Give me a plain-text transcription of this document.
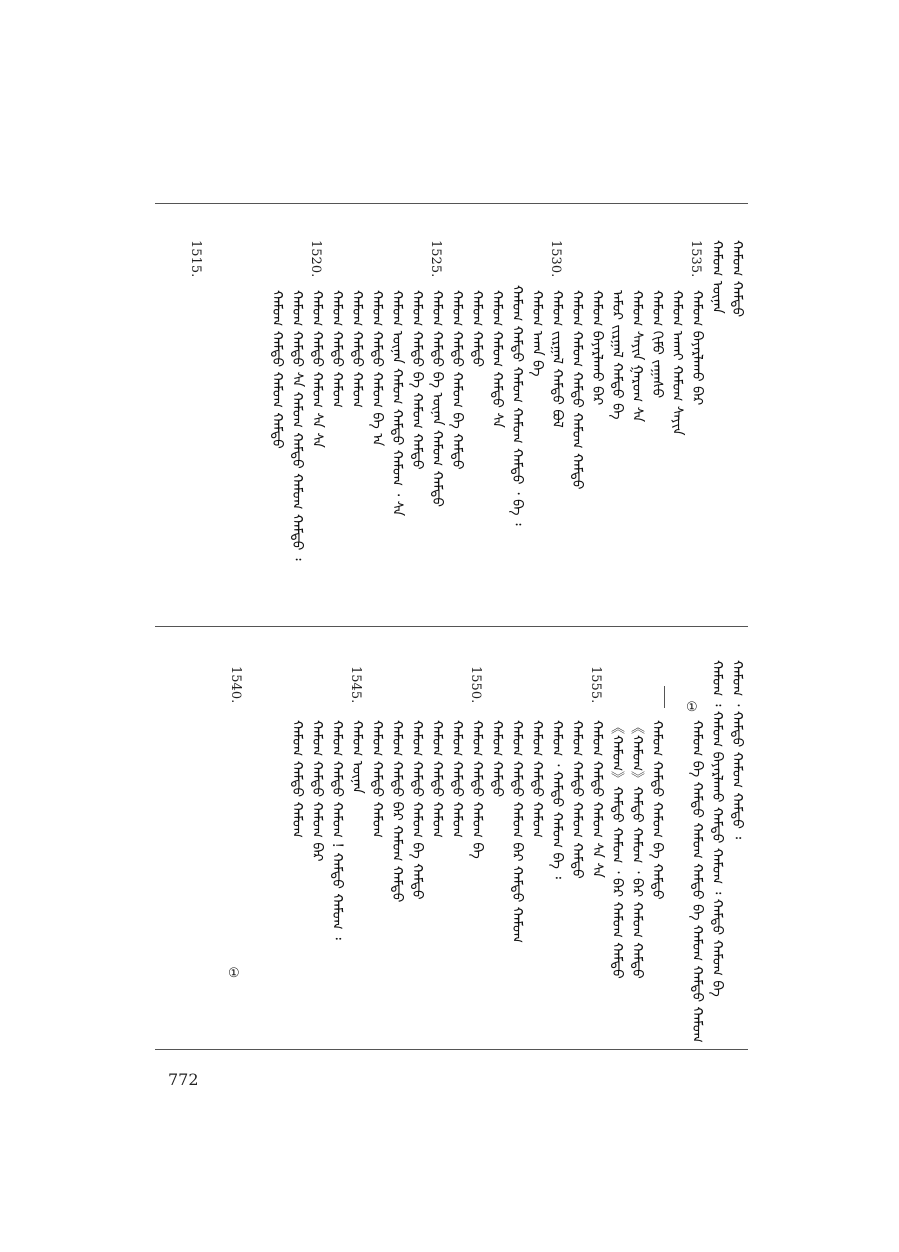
ᠬᠠᠮᠤᠭ ᠬᠠᠮᠲᠤ
ᠬᠠᠮᠤᠭ ᠦᠨᠡᠨ
ᠬᠠᠮᠤᠭ ᠪᠠᠶᠠᠷᠯᠠᠬᠤ ᠪᠡᠷ
ᠬᠠᠮᠤᠭ ᠠᠬᠠᠶ ᠬᠠᠮᠤᠭ ᠰᠠᠶᠢᠨ
ᠬᠠᠮᠤᠭ ᠬᠢᠮᠤ ᠵᠠᠭᠠᠰᠤ
ᠬᠠᠮᠤᠭ ᠰᠠᠶᠢᠨ ᠭᠠᠷᠤᠭ ᠰᠠ
ᠠᠮᠤᠷ ᠵᠢᠷᠭᠠᠯ ᠬᠠᠮᠲᠤ ᠪᠡ
ᠬᠠᠮᠤᠭ ᠪᠠᠶᠠᠷᠯᠠᠬᠤ ᠪᠡᠷ
ᠬᠠᠮᠤᠭ ᠬᠠᠮᠤᠭ ᠬᠠᠮᠲᠤ ᠬᠠᠮᠤᠭ ᠬᠠᠮᠲᠤ
ᠬᠠᠮᠤᠭ ᠵᠢᠷᠭᠠᠯ ᠬᠠᠮᠲᠤ ᠪᠤᠯ
ᠬᠠᠮᠤᠭ ᠠᠬᠠ ᠪᠠ
ᠬᠠᠮᠤᠭ ᠬᠠᠮᠲᠤ ᠬᠠᠮᠤᠭ ᠬᠠᠮᠤᠭ ᠬᠠᠮᠲᠤ ᠂ ᠪᠡ ᠄
ᠬᠠᠮᠤᠭ ᠬᠠᠮᠤᠭ ᠬᠠᠮᠲᠤ ᠰᠠ
ᠬᠠᠮᠤᠭ ᠬᠠᠮᠲᠤ
ᠬᠠᠮᠤᠭ ᠬᠠᠮᠲᠤ ᠬᠠᠮᠤᠭ ᠪᠠ ᠬᠠᠮᠲᠤ
ᠬᠠᠮᠤᠭ ᠬᠠᠮᠲᠤ ᠪᠠ ᠦᠨᠡᠨ ᠬᠠᠮᠤᠭ ᠬᠠᠮᠲᠤ
ᠬᠠᠮᠤᠭ ᠬᠠᠮᠲᠤ ᠪᠠ ᠬᠠᠮᠤᠭ ᠬᠠᠮᠲᠤ
ᠬᠠᠮᠤᠭ ᠦᠨᠡᠨ ᠬᠠᠮᠤᠭ ᠬᠠᠮᠲᠤ ᠬᠠᠮᠤᠭ ᠂ ᠰᠠ
ᠬᠠᠮᠤᠭ ᠬᠠᠮᠲᠤ ᠬᠠᠮᠤᠭ ᠪᠠ ᠠ
ᠬᠠᠮᠤᠭ ᠬᠠᠮᠲᠤ ᠬᠠᠮᠤᠭ
ᠬᠠᠮᠤᠭ ᠬᠠᠮᠲᠤ ᠬᠠᠮᠤᠭ
ᠬᠠᠮᠤᠭ ᠬᠠᠮᠲᠤ ᠬᠠᠮᠤᠭ ᠰᠠ ᠰᠠ
ᠬᠠᠮᠤᠭ ᠬᠠᠮᠲᠤ ᠰᠠ ᠬᠠᠮᠤᠭ ᠬᠠᠮᠲᠤ ᠬᠠᠮᠤᠭ ᠬᠠᠮᠲᠤ ᠄
ᠬᠠᠮᠤᠭ ᠬᠠᠮᠲᠤ ᠬᠠᠮᠤᠭ ᠬᠠᠮᠲᠤ
1535.
1530.
1525.
1520.
1515.
ᠬᠠᠮᠤᠭ ᠂ ᠬᠠᠮᠲᠤ ᠬᠠᠮᠤᠭ ᠬᠠᠮᠲᠤ ᠄
ᠬᠠᠮᠤᠭ ᠄ ᠬᠠᠮᠤᠭ ᠪᠠᠶᠠᠷᠯᠠᠬᠤ ᠬᠠᠮᠲᠤ ᠬᠠᠮᠤᠭ ᠄ ᠬᠠᠮᠲᠤ ᠬᠠᠮᠤᠭ ᠪᠡ
ᠬᠠᠮᠤᠭ ᠪᠠ ᠬᠠᠮᠲᠤ ᠬᠠᠮᠤᠭ ᠬᠠᠮᠲᠤ ᠪᠠ ᠬᠠᠮᠤᠭ ᠬᠠᠮᠲᠤ ᠬᠠᠮᠤᠭ
①
ᠬᠠᠮᠤᠭ ᠬᠠᠮᠲᠤ ᠬᠠᠮᠤᠭ ᠪᠡ ᠬᠠᠮᠲᠤ
《ᠬᠠᠮᠤᠭ》ᠬᠠᠮᠲᠤ ᠬᠠᠮᠤᠭ ᠂ ᠪᠡᠷ ᠬᠠᠮᠤᠭ ᠬᠠᠮᠲᠤ
《ᠬᠠᠮᠤᠭ》ᠬᠠᠮᠲᠤ ᠬᠠᠮᠤᠭ ᠂ ᠪᠡᠷ ᠬᠠᠮᠤᠭ ᠬᠠᠮᠲᠤ
ᠬᠠᠮᠤᠭ ᠬᠠᠮᠲᠤ ᠬᠠᠮᠤᠭ ᠰᠠ ᠰᠠ
ᠬᠠᠮᠤᠭ ᠬᠠᠮᠲᠤ ᠬᠠᠮᠤᠭ ᠬᠠᠮᠲᠤ
ᠬᠠᠮᠤᠭ ᠂ ᠬᠠᠮᠲᠤ ᠬᠠᠮᠤᠭ ᠪᠡ ᠄
ᠬᠠᠮᠤᠭ ᠬᠠᠮᠲᠤ ᠬᠠᠮᠤᠭ
ᠬᠠᠮᠤᠭ ᠬᠠᠮᠲᠤ ᠬᠠᠮᠤᠭ ᠪᠡᠷ ᠬᠠᠮᠲᠤ ᠬᠠᠮᠤᠭ
ᠬᠠᠮᠤᠭ ᠬᠠᠮᠲᠤ
ᠬᠠᠮᠤᠭ ᠬᠠᠮᠲᠤ ᠬᠠᠮᠤᠭ ᠪᠠ
ᠬᠠᠮᠤᠭ ᠬᠠᠮᠲᠤ ᠬᠠᠮᠤᠭ
ᠬᠠᠮᠤᠭ ᠬᠠᠮᠲᠤ ᠬᠠᠮᠤᠭ
ᠬᠠᠮᠤᠭ ᠬᠠᠮᠲᠤ ᠬᠠᠮᠤᠭ ᠪᠡ ᠬᠠᠮᠲᠤ
ᠬᠠᠮᠤᠭ ᠬᠠᠮᠲᠤ ᠪᠡᠷ ᠬᠠᠮᠤᠭ ᠬᠠᠮᠲᠤ
ᠬᠠᠮᠤᠭ ᠬᠠᠮᠲᠤ ᠬᠠᠮᠤᠭ
ᠬᠠᠮᠤᠭ ᠦᠨᠡᠨ
ᠬᠠᠮᠤᠭ ᠬᠠᠮᠲᠤ ᠬᠠᠮᠤᠭ ! ᠬᠠᠮᠲᠤ ᠬᠠᠮᠤᠭ ᠄
ᠬᠠᠮᠤᠭ ᠬᠠᠮᠲᠤ ᠬᠠᠮᠤᠭ ᠪᠡᠷ
ᠬᠠᠮᠤᠭ ᠬᠠᠮᠲᠤ ᠬᠠᠮᠤᠭ
①
1555.
1550.
1545.
1540.
772
